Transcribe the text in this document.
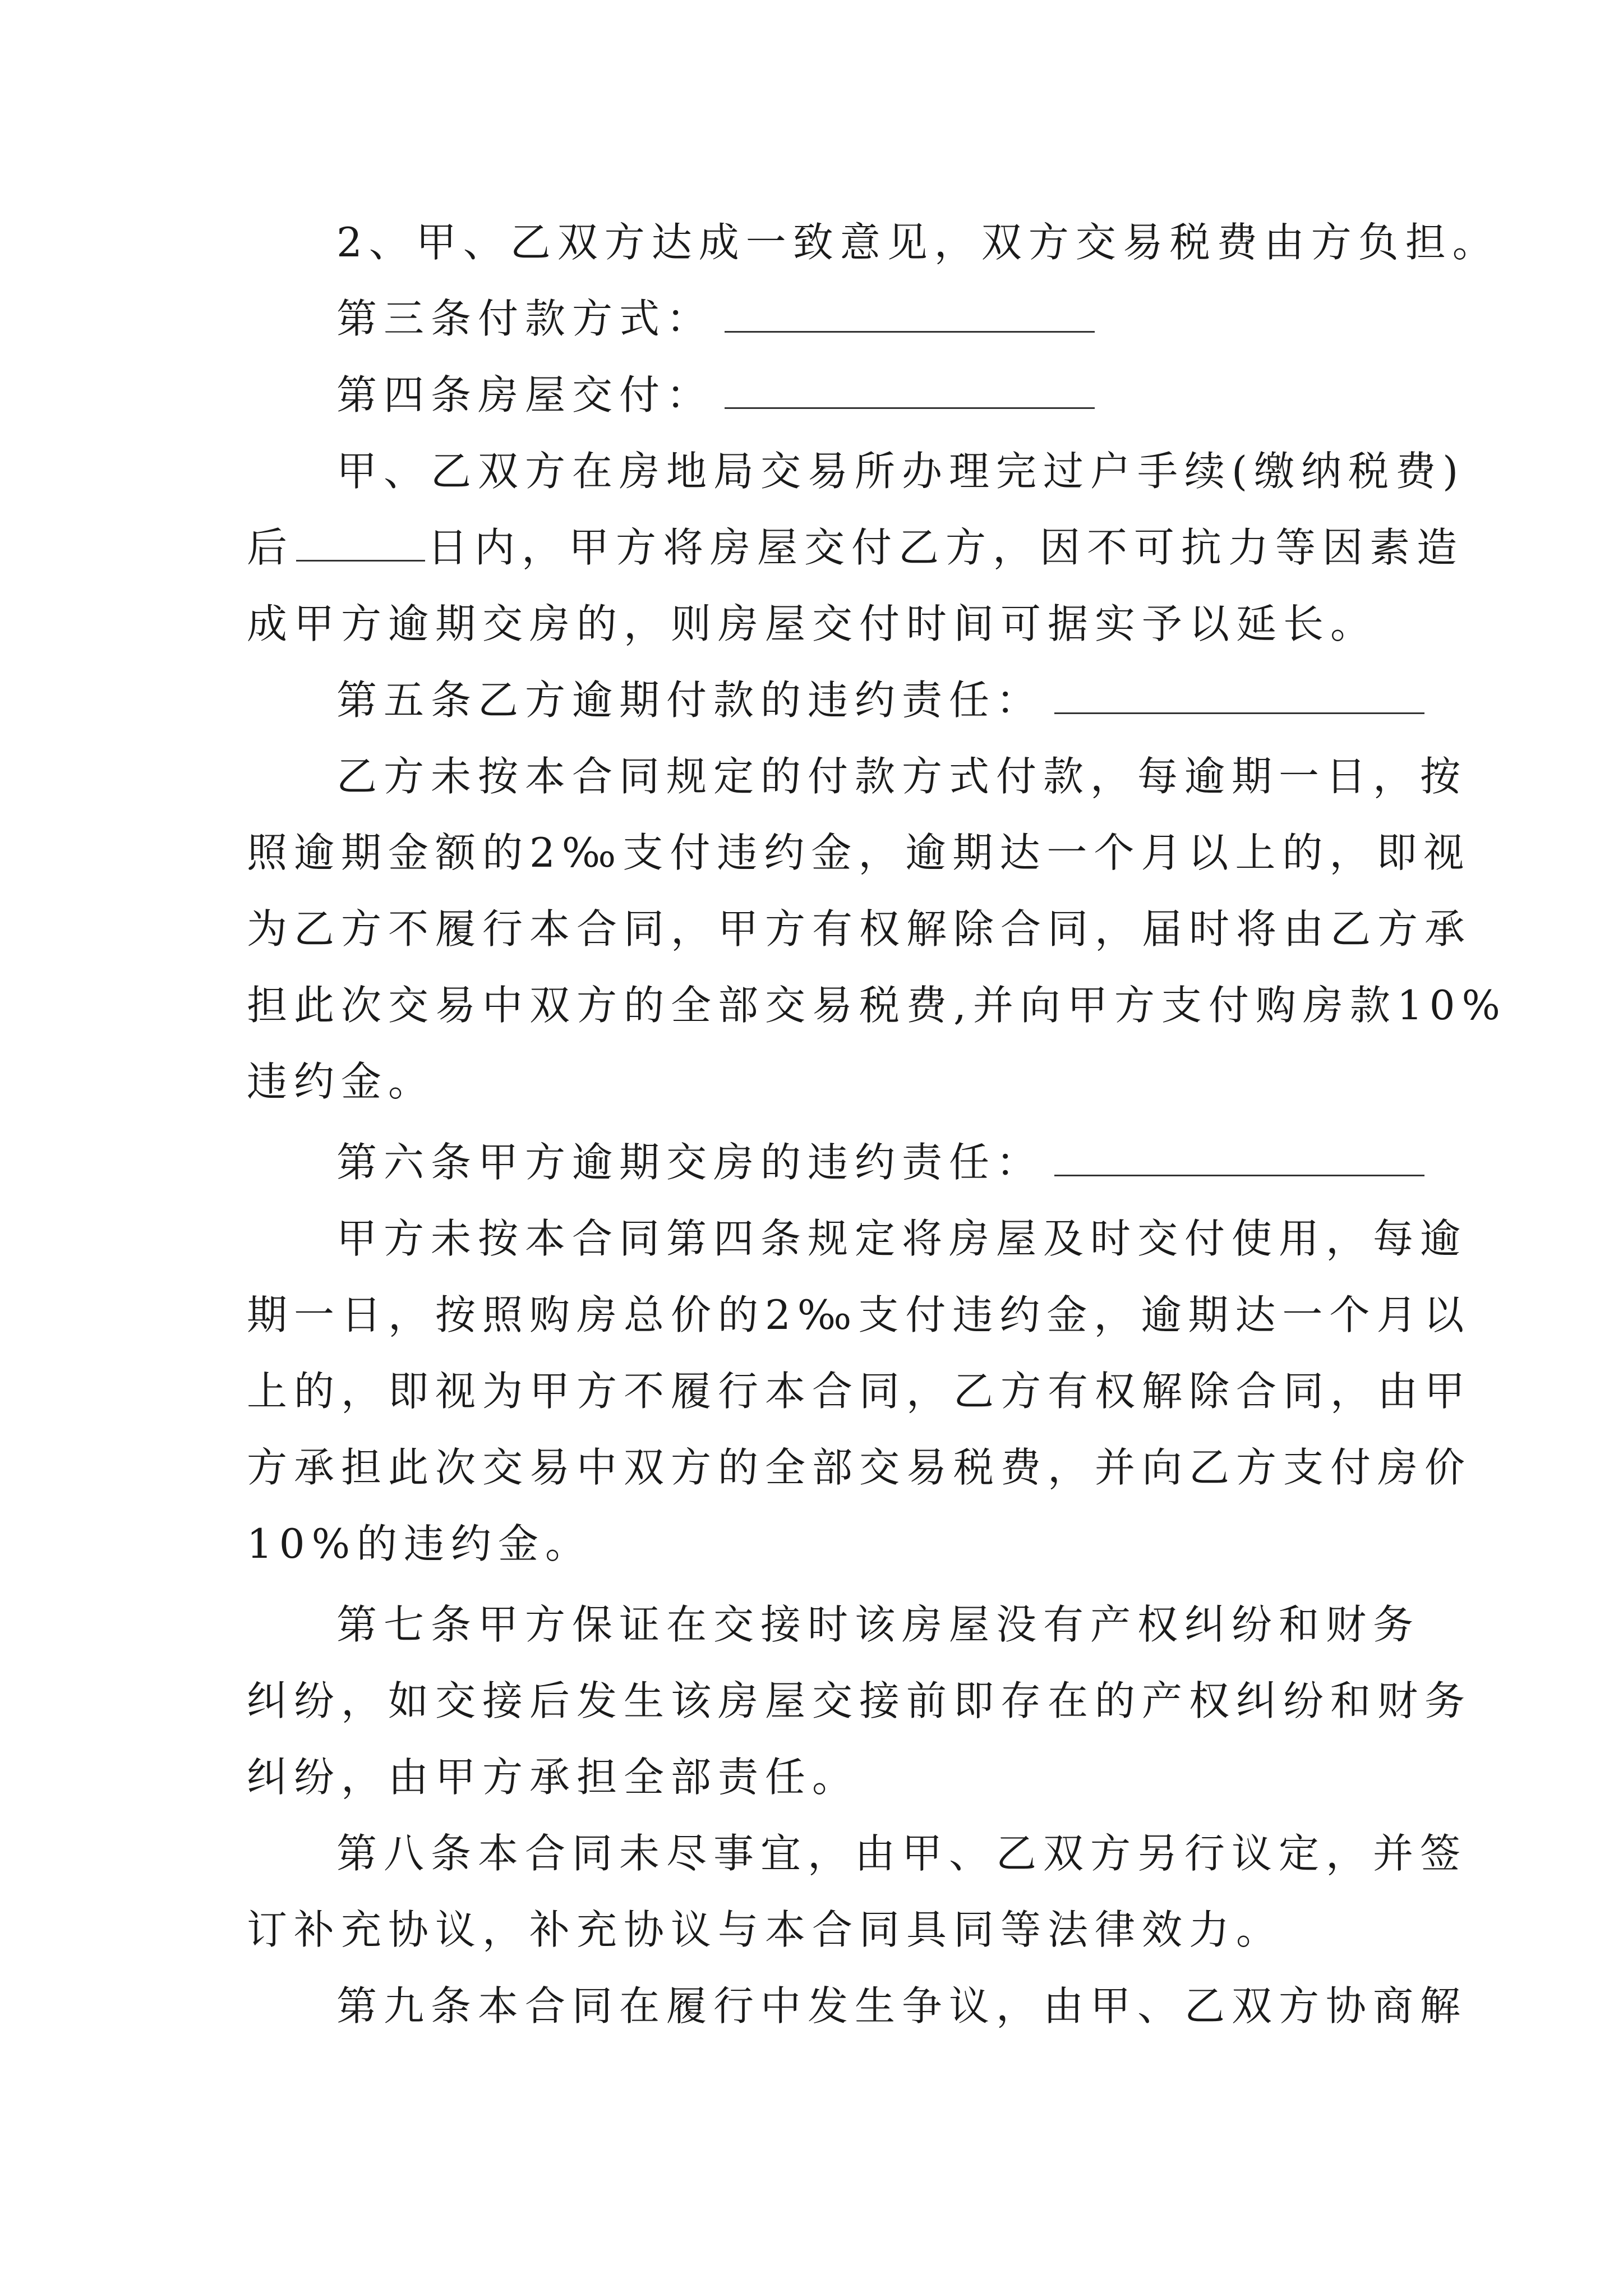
2、甲、乙双方达成一致意见，双方交易税费由方负担。
第三条付款方式：
第四条房屋交付：
甲、乙双方在房地局交易所办理完过户手续(缴纳税费)
后	日内，甲方将房屋交付乙方，因不可抗力等因素造
成甲方逾期交房的，则房屋交付时间可据实予以延长。
第五条乙方逾期付款的违约责任：
乙方未按本合同规定的付款方式付款，每逾期一日，按
照逾期金额的2‰支付违约金，逾期达一个月以上的，即视
为乙方不履行本合同，甲方有权解除合同，届时将由乙方承
担此次交易中双方的全部交易税费,并向甲方支付购房款10%
违约金。
第六条甲方逾期交房的违约责任：
甲方未按本合同第四条规定将房屋及时交付使用，每逾
期一日，按照购房总价的2‰支付违约金，逾期达一个月以
上的，即视为甲方不履行本合同，乙方有权解除合同，由甲
方承担此次交易中双方的全部交易税费，并向乙方支付房价
10%的违约金。
第七条甲方保证在交接时该房屋没有产权纠纷和财务
纠纷，如交接后发生该房屋交接前即存在的产权纠纷和财务
纠纷，由甲方承担全部责任。
第八条本合同未尽事宜，由甲、乙双方另行议定，并签
订补充协议，补充协议与本合同具同等法律效力。
第九条本合同在履行中发生争议，由甲、乙双方协商解
